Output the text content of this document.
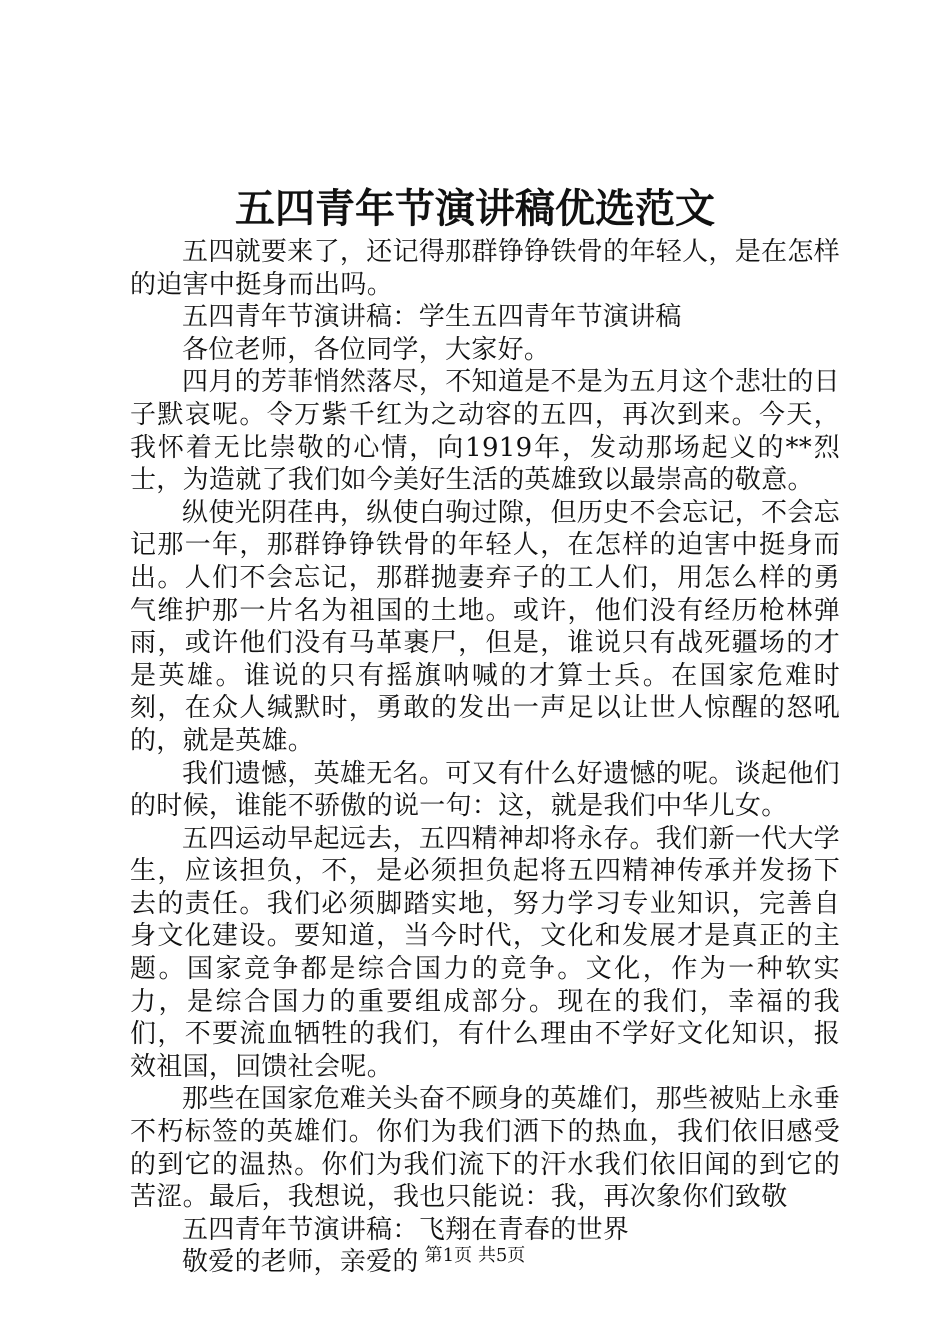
五四青年节演讲稿优选范文

五四就要来了，还记得那群铮铮铁骨的年轻人，是在怎样的迫害中挺身而出吗。

五四青年节演讲稿：学生五四青年节演讲稿

各位老师，各位同学，大家好。

四月的芳菲悄然落尽，不知道是不是为五月这个悲壮的日子默哀呢。令万紫千红为之动容的五四，再次到来。今天，我怀着无比崇敬的心情，向1919年，发动那场起义的**烈士，为造就了我们如今美好生活的英雄致以最崇高的敬意。

纵使光阴荏冉，纵使白驹过隙，但历史不会忘记，不会忘记那一年，那群铮铮铁骨的年轻人，在怎样的迫害中挺身而出。人们不会忘记，那群抛妻弃子的工人们，用怎么样的勇气维护那一片名为祖国的土地。或许，他们没有经历枪林弹雨，或许他们没有马革裹尸，但是，谁说只有战死疆场的才是英雄。谁说的只有摇旗呐喊的才算士兵。在国家危难时刻，在众人缄默时，勇敢的发出一声足以让世人惊醒的怒吼的，就是英雄。

我们遗憾，英雄无名。可又有什么好遗憾的呢。谈起他们的时候，谁能不骄傲的说一句：这，就是我们中华儿女。

五四运动早起远去，五四精神却将永存。我们新一代大学生，应该担负，不，是必须担负起将五四精神传承并发扬下去的责任。我们必须脚踏实地，努力学习专业知识，完善自身文化建设。要知道，当今时代，文化和发展才是真正的主题。国家竞争都是综合国力的竞争。文化，作为一种软实力，是综合国力的重要组成部分。现在的我们，幸福的我们，不要流血牺牲的我们，有什么理由不学好文化知识，报效祖国，回馈社会呢。

那些在国家危难关头奋不顾身的英雄们，那些被贴上永垂不朽标签的英雄们。你们为我们洒下的热血，我们依旧感受的到它的温热。你们为我们流下的汗水我们依旧闻的到它的苦涩。最后，我想说，我也只能说：我，再次象你们致敬

五四青年节演讲稿：飞翔在青春的世界

敬爱的老师，亲爱的 第1页 共5页
